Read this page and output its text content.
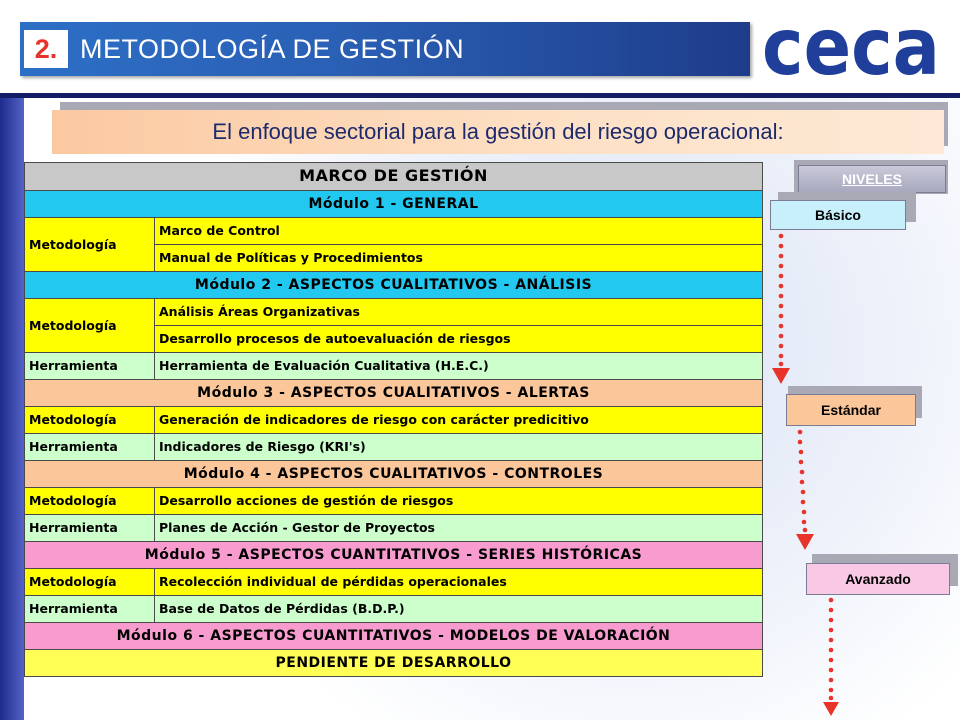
2. METODOLOGÍA DE GESTIÓN	ceca
El enfoque sectorial para la gestión del riesgo operacional:
MARCO DE GESTIÓN	
Módulo 1 - GENERAL	
Metodología	Marco de Control
	Manual de Políticas y Procedimientos
Módulo 2 - ASPECTOS CUALITATIVOS - ANÁLISIS	
Metodología	Análisis Áreas Organizativas
	Desarrollo procesos de autoevaluación de riesgos
Herramienta	Herramienta de Evaluación Cualitativa (H.E.C.)
Módulo 3 - ASPECTOS CUALITATIVOS - ALERTAS	
Metodología	Generación de indicadores de riesgo con carácter predicitivo
Herramienta	Indicadores de Riesgo (KRI's)
Módulo 4 - ASPECTOS CUALITATIVOS - CONTROLES	
Metodología	Desarrollo acciones de gestión de riesgos
Herramienta	Planes de Acción - Gestor de Proyectos
Módulo 5 - ASPECTOS CUANTITATIVOS - SERIES HISTÓRICAS	
Metodología	Recolección individual de pérdidas operacionales
Herramienta	Base de Datos de Pérdidas (B.D.P.)
Módulo 6 - ASPECTOS CUANTITATIVOS - MODELOS DE VALORACIÓN	
PENDIENTE DE DESARROLLO	
NIVELES
Básico
Estándar
Avanzado
